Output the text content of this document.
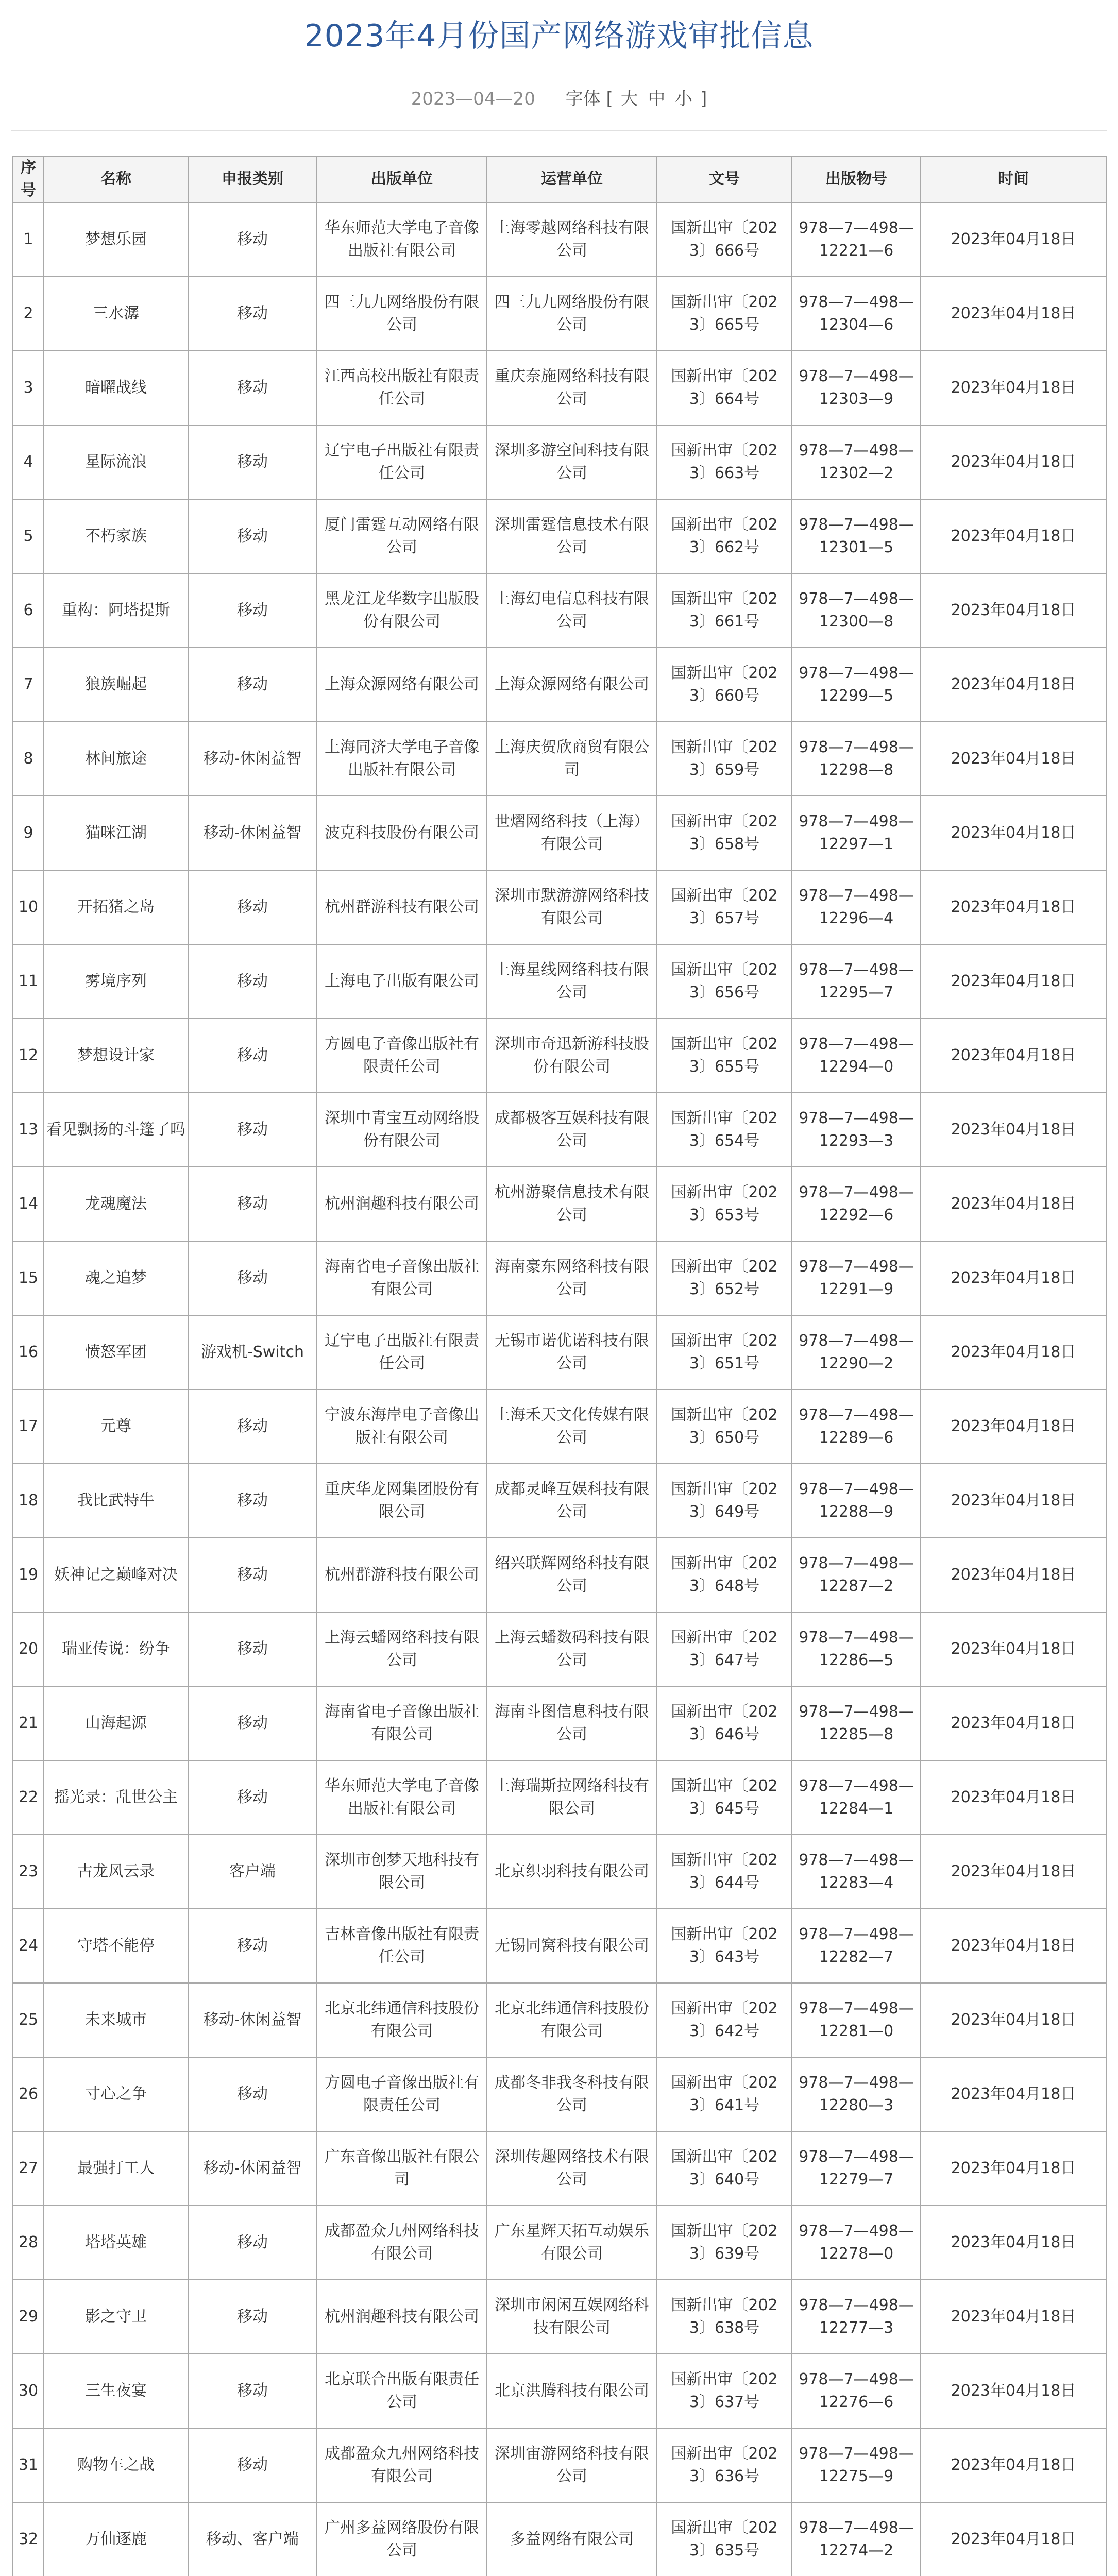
2023年4月份国产网络游戏审批信息
2023—04—20 字体 [ 大 中 小 ]
序号	名称	申报类别	出版单位	运营单位	文号	出版物号	时间
1	梦想乐园	移动	华东师范大学电子音像出版社有限公司	上海零越网络科技有限公司	国新出审〔2023〕666号	978—7—498—12221—6	2023年04月18日
2	三水潺	移动	四三九九网络股份有限公司	四三九九网络股份有限公司	国新出审〔2023〕665号	978—7—498—12304—6	2023年04月18日
3	暗曜战线	移动	江西高校出版社有限责任公司	重庆奈施网络科技有限公司	国新出审〔2023〕664号	978—7—498—12303—9	2023年04月18日
4	星际流浪	移动	辽宁电子出版社有限责任公司	深圳多游空间科技有限公司	国新出审〔2023〕663号	978—7—498—12302—2	2023年04月18日
5	不朽家族	移动	厦门雷霆互动网络有限公司	深圳雷霆信息技术有限公司	国新出审〔2023〕662号	978—7—498—12301—5	2023年04月18日
6	重构：阿塔提斯	移动	黑龙江龙华数字出版股份有限公司	上海幻电信息科技有限公司	国新出审〔2023〕661号	978—7—498—12300—8	2023年04月18日
7	狼族崛起	移动	上海众源网络有限公司	上海众源网络有限公司	国新出审〔2023〕660号	978—7—498—12299—5	2023年04月18日
8	林间旅途	移动-休闲益智	上海同济大学电子音像出版社有限公司	上海庆贺欣商贸有限公司	国新出审〔2023〕659号	978—7—498—12298—8	2023年04月18日
9	猫咪江湖	移动-休闲益智	波克科技股份有限公司	世熠网络科技（上海）有限公司	国新出审〔2023〕658号	978—7—498—12297—1	2023年04月18日
10	开拓猪之岛	移动	杭州群游科技有限公司	深圳市默游游网络科技有限公司	国新出审〔2023〕657号	978—7—498—12296—4	2023年04月18日
11	雾境序列	移动	上海电子出版有限公司	上海星线网络科技有限公司	国新出审〔2023〕656号	978—7—498—12295—7	2023年04月18日
12	梦想设计家	移动	方圆电子音像出版社有限责任公司	深圳市奇迅新游科技股份有限公司	国新出审〔2023〕655号	978—7—498—12294—0	2023年04月18日
13	看见飘扬的斗篷了吗	移动	深圳中青宝互动网络股份有限公司	成都极客互娱科技有限公司	国新出审〔2023〕654号	978—7—498—12293—3	2023年04月18日
14	龙魂魔法	移动	杭州润趣科技有限公司	杭州游聚信息技术有限公司	国新出审〔2023〕653号	978—7—498—12292—6	2023年04月18日
15	魂之追梦	移动	海南省电子音像出版社有限公司	海南豪东网络科技有限公司	国新出审〔2023〕652号	978—7—498—12291—9	2023年04月18日
16	愤怒军团	游戏机-Switch	辽宁电子出版社有限责任公司	无锡市诺优诺科技有限公司	国新出审〔2023〕651号	978—7—498—12290—2	2023年04月18日
17	元尊	移动	宁波东海岸电子音像出版社有限公司	上海禾天文化传媒有限公司	国新出审〔2023〕650号	978—7—498—12289—6	2023年04月18日
18	我比武特牛	移动	重庆华龙网集团股份有限公司	成都灵峰互娱科技有限公司	国新出审〔2023〕649号	978—7—498—12288—9	2023年04月18日
19	妖神记之巅峰对决	移动	杭州群游科技有限公司	绍兴联辉网络科技有限公司	国新出审〔2023〕648号	978—7—498—12287—2	2023年04月18日
20	瑞亚传说：纷争	移动	上海云蟠网络科技有限公司	上海云蟠数码科技有限公司	国新出审〔2023〕647号	978—7—498—12286—5	2023年04月18日
21	山海起源	移动	海南省电子音像出版社有限公司	海南斗图信息科技有限公司	国新出审〔2023〕646号	978—7—498—12285—8	2023年04月18日
22	摇光录：乱世公主	移动	华东师范大学电子音像出版社有限公司	上海瑞斯拉网络科技有限公司	国新出审〔2023〕645号	978—7—498—12284—1	2023年04月18日
23	古龙风云录	客户端	深圳市创梦天地科技有限公司	北京织羽科技有限公司	国新出审〔2023〕644号	978—7—498—12283—4	2023年04月18日
24	守塔不能停	移动	吉林音像出版社有限责任公司	无锡同窝科技有限公司	国新出审〔2023〕643号	978—7—498—12282—7	2023年04月18日
25	未来城市	移动-休闲益智	北京北纬通信科技股份有限公司	北京北纬通信科技股份有限公司	国新出审〔2023〕642号	978—7—498—12281—0	2023年04月18日
26	寸心之争	移动	方圆电子音像出版社有限责任公司	成都冬非我冬科技有限公司	国新出审〔2023〕641号	978—7—498—12280—3	2023年04月18日
27	最强打工人	移动-休闲益智	广东音像出版社有限公司	深圳传趣网络技术有限公司	国新出审〔2023〕640号	978—7—498—12279—7	2023年04月18日
28	塔塔英雄	移动	成都盈众九州网络科技有限公司	广东星辉天拓互动娱乐有限公司	国新出审〔2023〕639号	978—7—498—12278—0	2023年04月18日
29	影之守卫	移动	杭州润趣科技有限公司	深圳市闲闲互娱网络科技有限公司	国新出审〔2023〕638号	978—7—498—12277—3	2023年04月18日
30	三生夜宴	移动	北京联合出版有限责任公司	北京洪腾科技有限公司	国新出审〔2023〕637号	978—7—498—12276—6	2023年04月18日
31	购物车之战	移动	成都盈众九州网络科技有限公司	深圳宙游网络科技有限公司	国新出审〔2023〕636号	978—7—498—12275—9	2023年04月18日
32	万仙逐鹿	移动、客户端	广州多益网络股份有限公司	多益网络有限公司	国新出审〔2023〕635号	978—7—498—12274—2	2023年04月18日
